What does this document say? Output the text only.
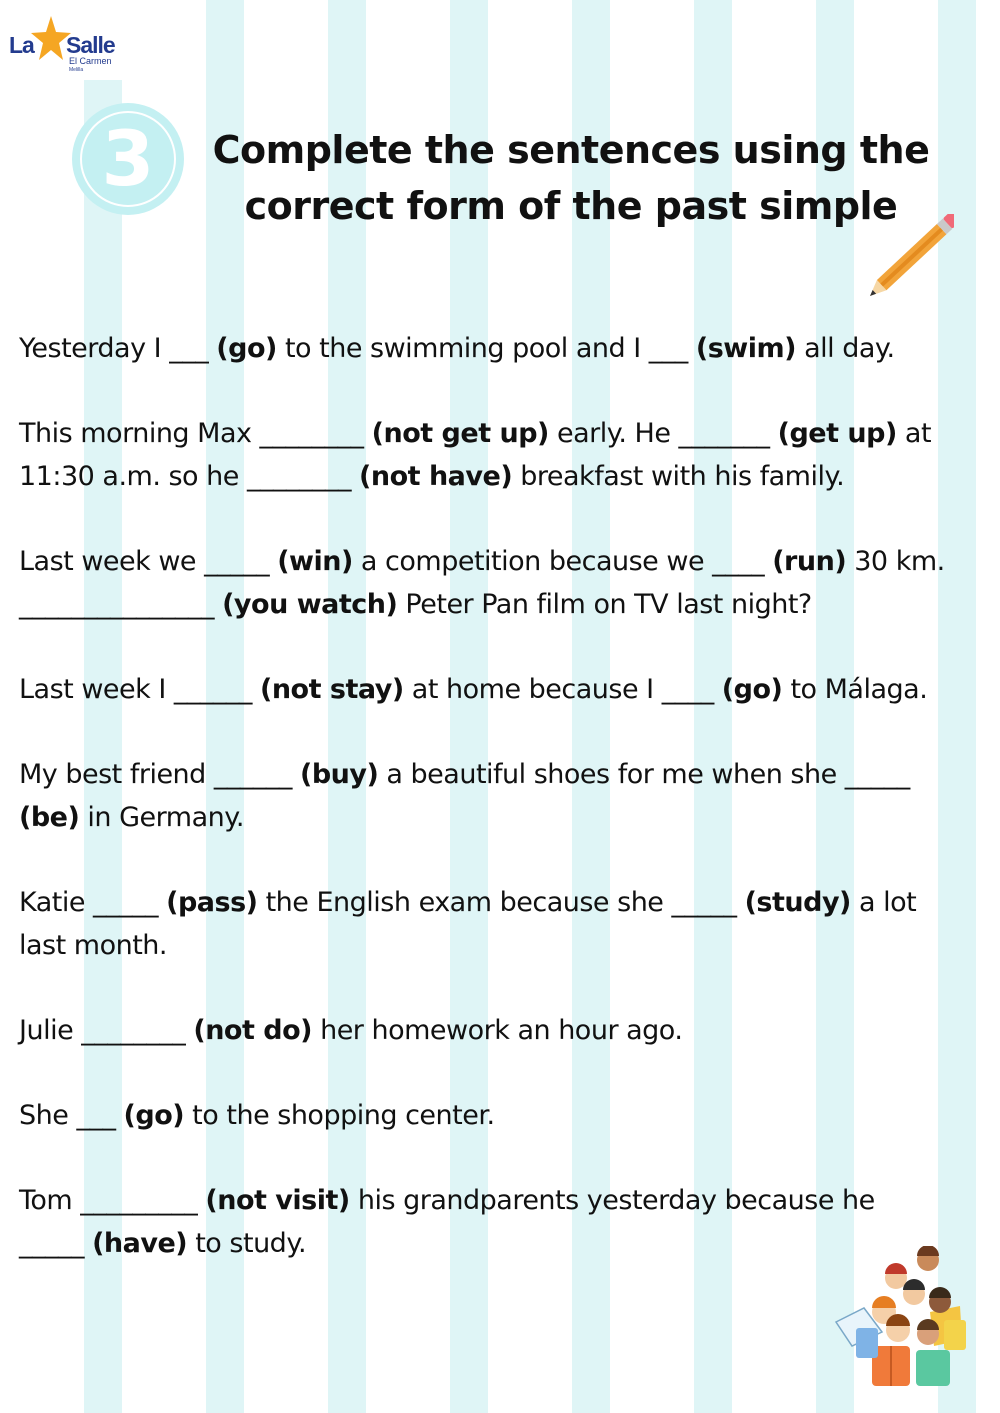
La Salle
El Carmen
Melilla
3	Complete the sentences using the
correct form of the past simple
Yesterday I ___ (go) to the swimming pool and I ___ (swim) all day.
This morning Max ________ (not get up) early. He _______ (get up) at
11:30 a.m. so he ________ (not have) breakfast with his family.
Last week we _____ (win) a competition because we ____ (run) 30 km.
_______________ (you watch) Peter Pan film on TV last night?
Last week I ______ (not stay) at home because I ____ (go) to Málaga.
My best friend ______ (buy) a beautiful shoes for me when she _____
(be) in Germany.
Katie _____ (pass) the English exam because she _____ (study) a lot
last month.
Julie ________ (not do) her homework an hour ago.
She ___ (go) to the shopping center.
Tom _________ (not visit) his grandparents yesterday because he
_____ (have) to study.
